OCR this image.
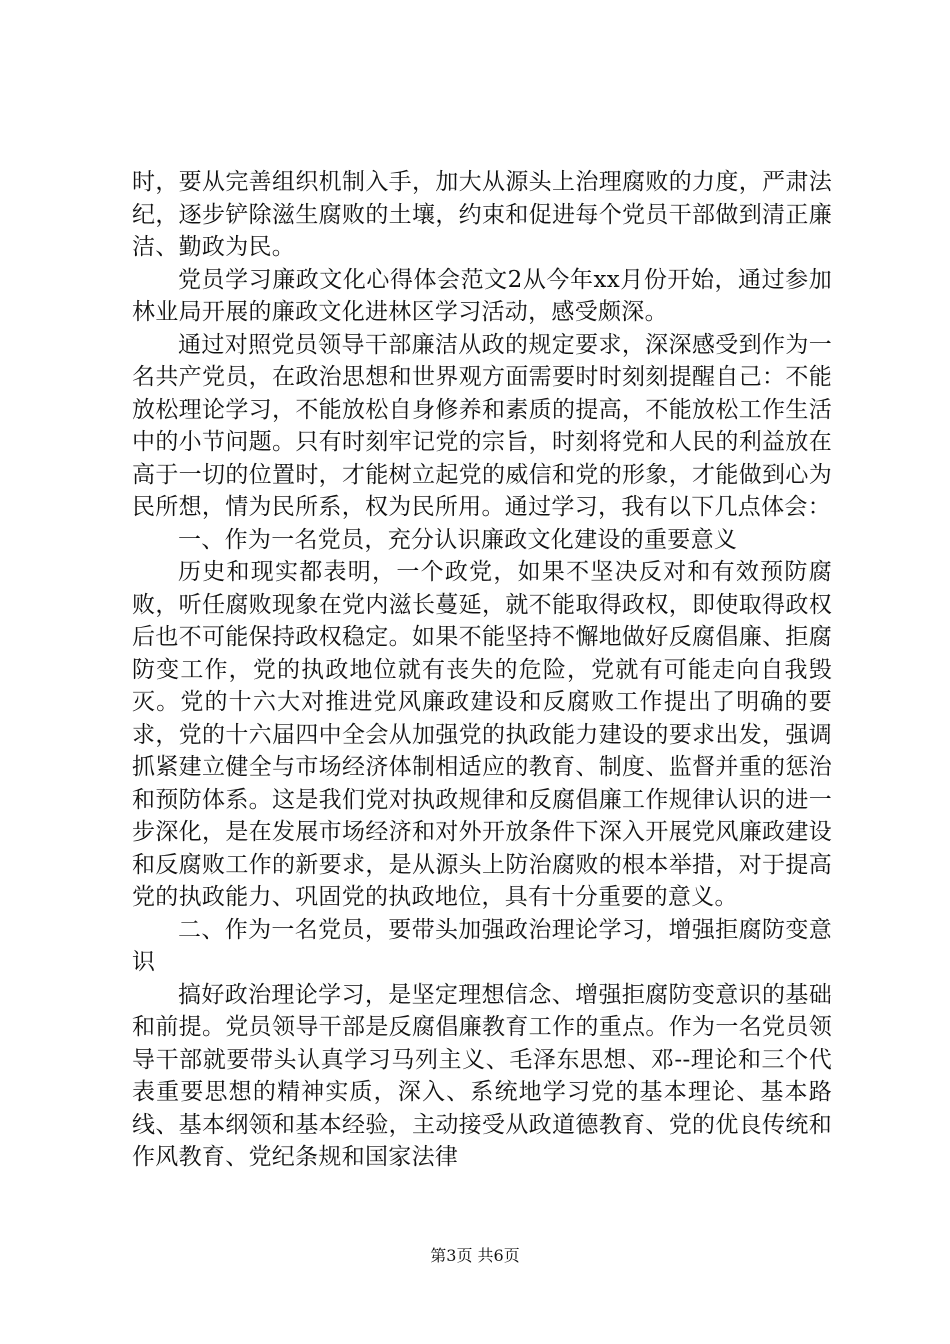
时，要从完善组织机制入手，加大从源头上治理腐败的力度，严肃法纪，逐步铲除滋生腐败的土壤，约束和促进每个党员干部做到清正廉洁、勤政为民。

党员学习廉政文化心得体会范文2从今年xx月份开始，通过参加林业局开展的廉政文化进林区学习活动，感受颇深。

通过对照党员领导干部廉洁从政的规定要求，深深感受到作为一名共产党员，在政治思想和世界观方面需要时时刻刻提醒自己：不能放松理论学习，不能放松自身修养和素质的提高，不能放松工作生活中的小节问题。只有时刻牢记党的宗旨，时刻将党和人民的利益放在高于一切的位置时，才能树立起党的威信和党的形象，才能做到心为民所想，情为民所系，权为民所用。通过学习，我有以下几点体会：

一、作为一名党员，充分认识廉政文化建设的重要意义

历史和现实都表明，一个政党，如果不坚决反对和有效预防腐败，听任腐败现象在党内滋长蔓延，就不能取得政权，即使取得政权后也不可能保持政权稳定。如果不能坚持不懈地做好反腐倡廉、拒腐防变工作，党的执政地位就有丧失的危险，党就有可能走向自我毁灭。党的十六大对推进党风廉政建设和反腐败工作提出了明确的要求，党的十六届四中全会从加强党的执政能力建设的要求出发，强调抓紧建立健全与市场经济体制相适应的教育、制度、监督并重的惩治和预防体系。这是我们党对执政规律和反腐倡廉工作规律认识的进一步深化，是在发展市场经济和对外开放条件下深入开展党风廉政建设和反腐败工作的新要求，是从源头上防治腐败的根本举措，对于提高党的执政能力、巩固党的执政地位，具有十分重要的意义。

二、作为一名党员，要带头加强政治理论学习，增强拒腐防变意识

搞好政治理论学习，是坚定理想信念、增强拒腐防变意识的基础和前提。党员领导干部是反腐倡廉教育工作的重点。作为一名党员领导干部就要带头认真学习马列主义、毛泽东思想、邓--理论和三个代表重要思想的精神实质，深入、系统地学习党的基本理论、基本路线、基本纲领和基本经验，主动接受从政道德教育、党的优良传统和作风教育、党纪条规和国家法律

第3页 共6页
